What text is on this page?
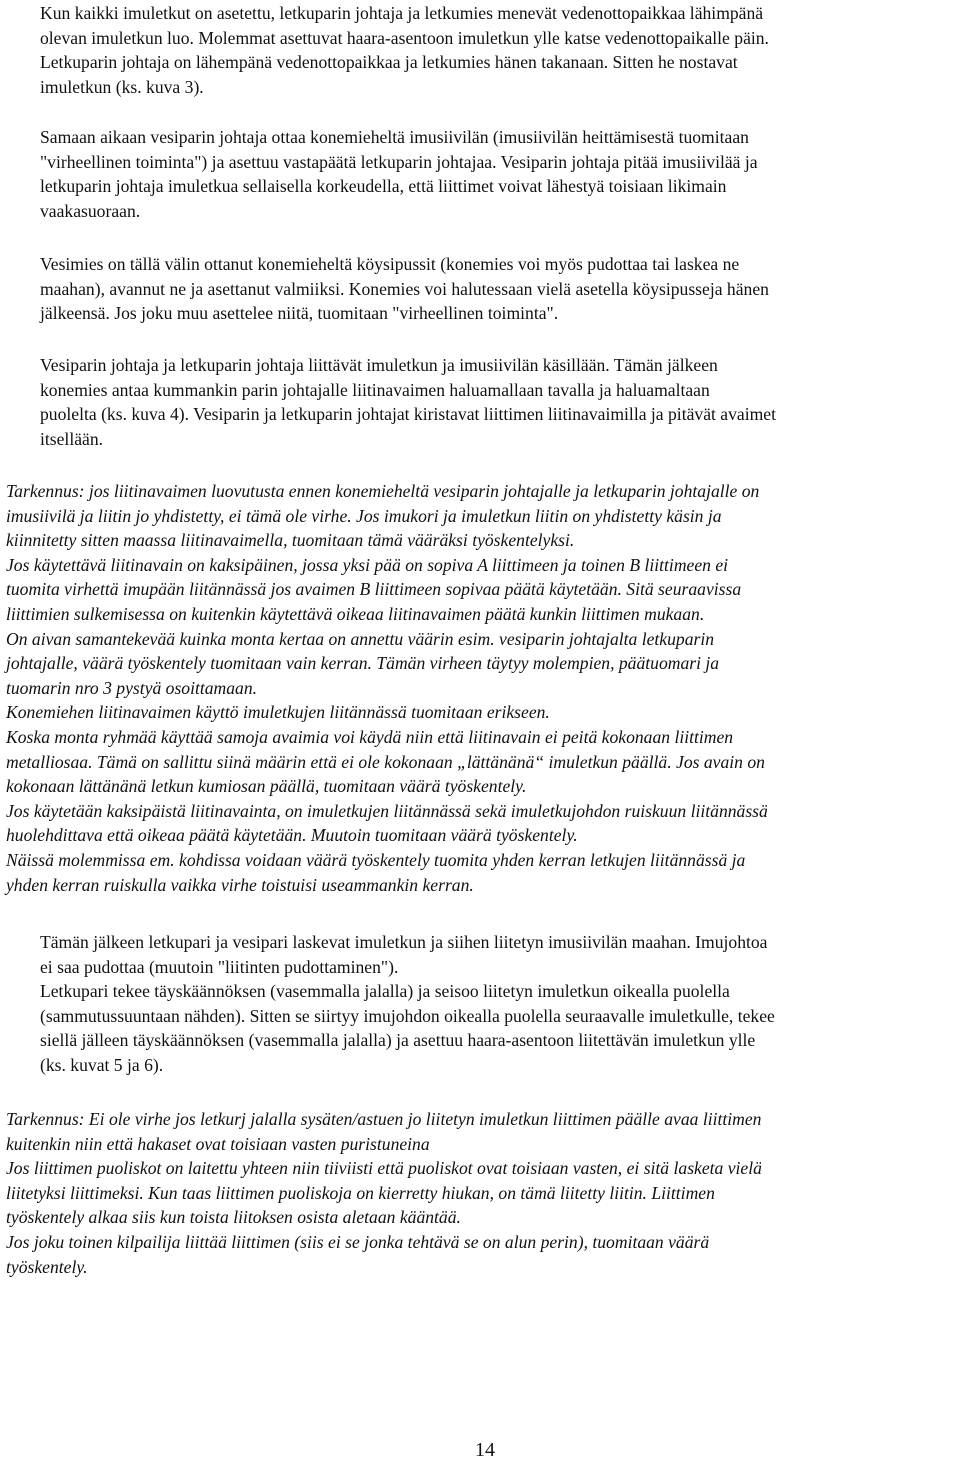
Kun kaikki imuletkut on asetettu, letkuparin johtaja ja letkumies menevät vedenottopaikkaa lähimpänä
olevan imuletkun luo. Molemmat asettuvat haara-asentoon imuletkun ylle katse vedenottopaikalle päin.
Letkuparin johtaja on lähempänä vedenottopaikkaa ja letkumies hänen takanaan. Sitten he nostavat
imuletkun (ks. kuva 3).
Samaan aikaan vesiparin johtaja ottaa konemieheltä imusiivilän (imusiivilän heittämisestä tuomitaan
"virheellinen toiminta") ja asettuu vastapäätä letkuparin johtajaa. Vesiparin johtaja pitää imusiivilää ja
letkuparin johtaja imuletkua sellaisella korkeudella, että liittimet voivat lähestyä toisiaan likimain
vaakasuoraan.
Vesimies on tällä välin ottanut konemieheltä köysipussit (konemies voi myös pudottaa tai laskea ne
maahan), avannut ne ja asettanut valmiiksi. Konemies voi halutessaan vielä asetella köysipusseja hänen
jälkeensä. Jos joku muu asettelee niitä, tuomitaan "virheellinen toiminta".
Vesiparin johtaja ja letkuparin johtaja liittävät imuletkun ja imusiivilän käsillään. Tämän jälkeen
konemies antaa kummankin parin johtajalle liitinavaimen haluamallaan tavalla ja haluamaltaan
puolelta (ks. kuva 4). Vesiparin ja letkuparin johtajat kiristavat liittimen liitinavaimilla ja pitävät avaimet
itsellään.
Tarkennus: jos liitinavaimen luovutusta ennen konemieheltä vesiparin johtajalle ja letkuparin johtajalle on
imusiivilä ja liitin jo yhdistetty, ei tämä ole virhe. Jos imukori ja imuletkun liitin on yhdistetty käsin ja
kiinnitetty sitten maassa liitinavaimella, tuomitaan tämä vääräksi työskentelyksi.
Jos käytettävä liitinavain on kaksipäinen, jossa yksi pää on sopiva A liittimeen ja toinen B liittimeen ei
tuomita virhettä imupään liitännässä jos avaimen B liittimeen sopivaa päätä käytetään. Sitä seuraavissa
liittimien sulkemisessa on kuitenkin käytettävä oikeaa liitinavaimen päätä kunkin liittimen mukaan.
On aivan samantekevää kuinka monta kertaa on annettu väärin esim. vesiparin johtajalta letkuparin
johtajalle, väärä työskentely tuomitaan vain kerran. Tämän virheen täytyy molempien, päätuomari ja
tuomarin nro 3 pystyä osoittamaan.
Konemiehen liitinavaimen käyttö imuletkujen liitännässä tuomitaan erikseen.
Koska monta ryhmää käyttää samoja avaimia voi käydä niin että liitinavain ei peitä kokonaan liittimen
metalliosaa. Tämä on sallittu siinä määrin että ei ole kokonaan „lättänänä“ imuletkun päällä. Jos avain on
kokonaan lättänänä letkun kumiosan päällä, tuomitaan väärä työskentely.
Jos käytetään kaksipäistä liitinavainta, on imuletkujen liitännässä sekä imuletkujohdon ruiskuun liitännässä
huolehdittava että oikeaa päätä käytetään. Muutoin tuomitaan väärä työskentely.
Näissä molemmissa em. kohdissa voidaan väärä työskentely tuomita yhden kerran letkujen liitännässä ja
yhden kerran ruiskulla vaikka virhe toistuisi useammankin kerran.
Tämän jälkeen letkupari ja vesipari laskevat imuletkun ja siihen liitetyn imusiivilän maahan. Imujohtoa
ei saa pudottaa (muutoin "liitinten pudottaminen").
Letkupari tekee täyskäännöksen (vasemmalla jalalla) ja seisoo liitetyn imuletkun oikealla puolella
(sammutussuuntaan nähden). Sitten se siirtyy imujohdon oikealla puolella seuraavalle imuletkulle, tekee
siellä jälleen täyskäännöksen (vasemmalla jalalla) ja asettuu haara-asentoon liitettävän imuletkun ylle
(ks. kuvat 5 ja 6).
Tarkennus: Ei ole virhe jos letkurj jalalla sysäten/astuen jo liitetyn imuletkun liittimen päälle avaa liittimen
kuitenkin niin että hakaset ovat toisiaan vasten puristuneina
Jos liittimen puoliskot on laitettu yhteen niin tiiviisti että puoliskot ovat toisiaan vasten, ei sitä lasketa vielä
liitetyksi liittimeksi. Kun taas liittimen puoliskoja on kierretty hiukan, on tämä liitetty liitin. Liittimen
työskentely alkaa siis kun toista liitoksen osista aletaan kääntää.
Jos joku toinen kilpailija liittää liittimen (siis ei se jonka tehtävä se on alun perin), tuomitaan väärä
työskentely.
14
